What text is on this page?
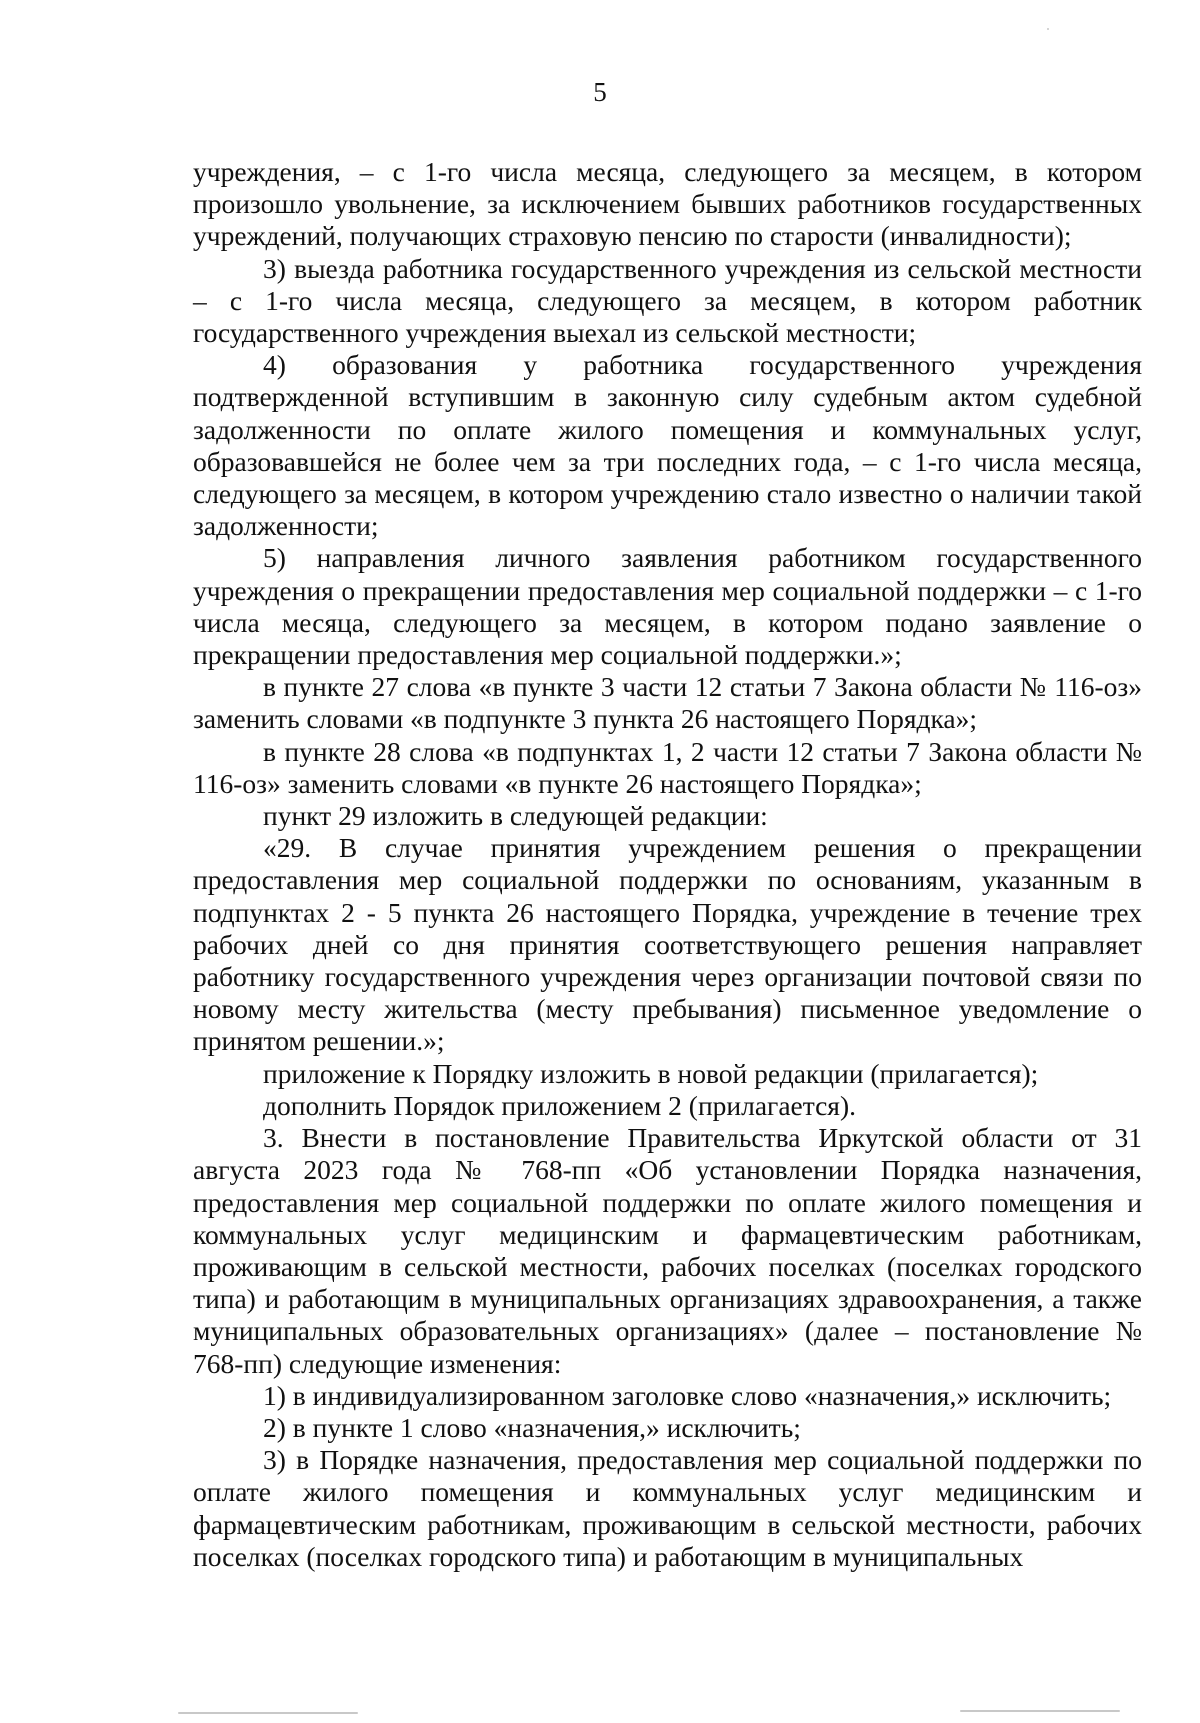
5

учреждения, – с 1-го числа месяца, следующего за месяцем, в котором произошло увольнение, за исключением бывших работников государственных учреждений, получающих страховую пенсию по старости (инвалидности);

3) выезда работника государственного учреждения из сельской местности – с 1-го числа месяца, следующего за месяцем, в котором работник государственного учреждения выехал из сельской местности;

4) образования у работника государственного учреждения подтвержденной вступившим в законную силу судебным актом судебной задолженности по оплате жилого помещения и коммунальных услуг, образовавшейся не более чем за три последних года, – с 1-го числа месяца, следующего за месяцем, в котором учреждению стало известно о наличии такой задолженности;

5) направления личного заявления работником государственного учреждения о прекращении предоставления мер социальной поддержки – с 1-го числа месяца, следующего за месяцем, в котором подано заявление о прекращении предоставления мер социальной поддержки.»;

в пункте 27 слова «в пункте 3 части 12 статьи 7 Закона области № 116-оз» заменить словами «в подпункте 3 пункта 26 настоящего Порядка»;

в пункте 28 слова «в подпунктах 1, 2 части 12 статьи 7 Закона области № 116-оз» заменить словами «в пункте 26 настоящего Порядка»;

пункт 29 изложить в следующей редакции:

«29. В случае принятия учреждением решения о прекращении предоставления мер социальной поддержки по основаниям, указанным в подпунктах 2 - 5 пункта 26 настоящего Порядка, учреждение в течение трех рабочих дней со дня принятия соответствующего решения направляет работнику государственного учреждения через организации почтовой связи по новому месту жительства (месту пребывания) письменное уведомление о принятом решении.»;

приложение к Порядку изложить в новой редакции (прилагается);

дополнить Порядок приложением 2 (прилагается).

3. Внести в постановление Правительства Иркутской области от 31 августа 2023 года № 768-пп «Об установлении Порядка назначения, предоставления мер социальной поддержки по оплате жилого помещения и коммунальных услуг медицинским и фармацевтическим работникам, проживающим в сельской местности, рабочих поселках (поселках городского типа) и работающим в муниципальных организациях здравоохранения, а также муниципальных образовательных организациях» (далее – постановление № 768-пп) следующие изменения:

1) в индивидуализированном заголовке слово «назначения,» исключить;

2) в пункте 1 слово «назначения,» исключить;

3) в Порядке назначения, предоставления мер социальной поддержки по оплате жилого помещения и коммунальных услуг медицинским и фармацевтическим работникам, проживающим в сельской местности, рабочих поселках (поселках городского типа) и работающим в муниципальных
